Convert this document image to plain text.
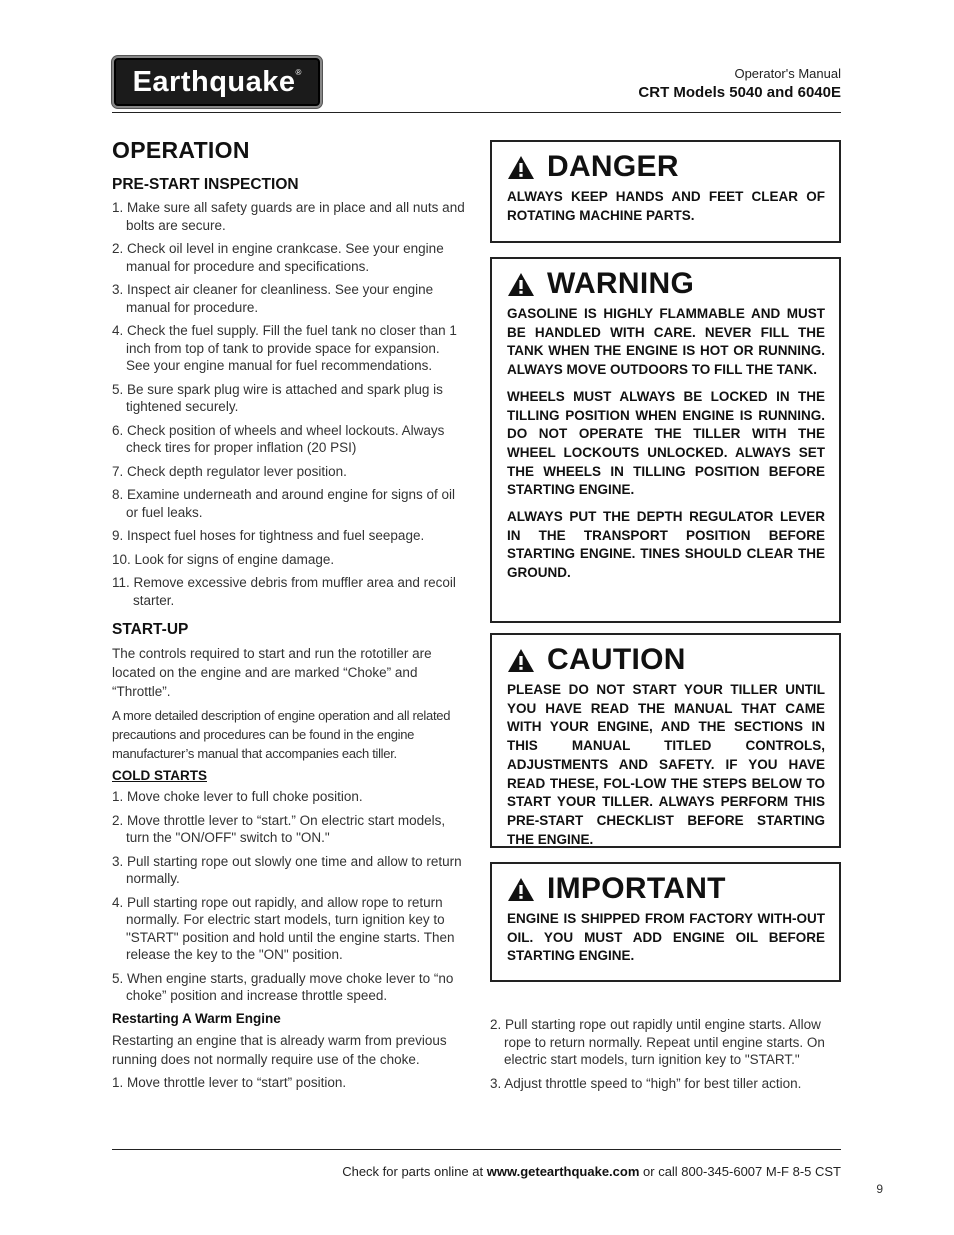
Earthquake®	Operator's Manual
CRT Models 5040 and 6040E
OPERATION
PRE-START INSPECTION
1. Make sure all safety guards are in place and all nuts and bolts are secure.
2. Check oil level in engine crankcase. See your engine manual for procedure and specifications.
3. Inspect air cleaner for cleanliness. See your engine manual for procedure.
4. Check the fuel supply. Fill the fuel tank no closer than 1 inch from top of tank to provide space for expansion. See your engine manual for fuel recommendations.
5. Be sure spark plug wire is attached and spark plug is tightened securely.
6. Check position of wheels and wheel lockouts. Always check tires for proper inflation (20 PSI)
7. Check depth regulator lever position.
8. Examine underneath and around engine for signs of oil or fuel leaks.
9. Inspect fuel hoses for tightness and fuel seepage.
10. Look for signs of engine damage.
11. Remove excessive debris from muffler area and recoil starter.
START-UP

The controls required to start and run the rototiller are located on the engine and are marked “Choke” and “Throttle”.

A more detailed description of engine operation and all related precautions and procedures can be found in the engine manufacturer’s manual that accompanies each tiller.

COLD STARTS
1. Move choke lever to full choke position.
2. Move throttle lever to “start.” On electric start models, turn the "ON/OFF" switch to "ON."
3. Pull starting rope out slowly one time and allow to return normally.
4. Pull starting rope out rapidly, and allow rope to return normally. For electric start models, turn ignition key to "START" position and hold until the engine starts. Then release the key to the "ON" position.
5. When engine starts, gradually move choke lever to “no choke” position and increase throttle speed.
Restarting A Warm Engine

Restarting an engine that is already warm from previous running does not normally require use of the choke.

1. Move throttle lever to “start” position.
DANGER

ALWAYS KEEP HANDS AND FEET CLEAR OF ROTATING MACHINE PARTS.

WARNING

GASOLINE IS HIGHLY FLAMMABLE AND MUST BE HANDLED WITH CARE. NEVER FILL THE TANK WHEN THE ENGINE IS HOT OR RUNNING. ALWAYS MOVE OUTDOORS TO FILL THE TANK.

WHEELS MUST ALWAYS BE LOCKED IN THE TILLING POSITION WHEN ENGINE IS RUNNING. DO NOT OPERATE THE TILLER WITH THE WHEEL LOCKOUTS UNLOCKED. ALWAYS SET THE WHEELS IN TILLING POSITION BEFORE STARTING ENGINE.

ALWAYS PUT THE DEPTH REGULATOR LEVER IN THE TRANSPORT POSITION BEFORE STARTING ENGINE. TINES SHOULD CLEAR THE GROUND.

CAUTION

PLEASE DO NOT START YOUR TILLER UNTIL YOU HAVE READ THE MANUAL THAT CAME WITH YOUR ENGINE, AND THE SECTIONS IN THIS MANUAL TITLED CONTROLS, ADJUSTMENTS AND SAFETY. IF YOU HAVE READ THESE, FOL-LOW THE STEPS BELOW TO START YOUR TILLER. ALWAYS PERFORM THIS PRE-START CHECKLIST BEFORE STARTING THE ENGINE.

IMPORTANT

ENGINE IS SHIPPED FROM FACTORY WITH-OUT OIL. YOU MUST ADD ENGINE OIL BEFORE STARTING ENGINE.

2. Pull starting rope out rapidly until engine starts. Allow rope to return normally. Repeat until engine starts. On electric start models, turn ignition key to "START."
3. Adjust throttle speed to “high” for best tiller action.
Check for parts online at www.getearthquake.com or call 800-345-6007 M-F 8-5 CST
9
